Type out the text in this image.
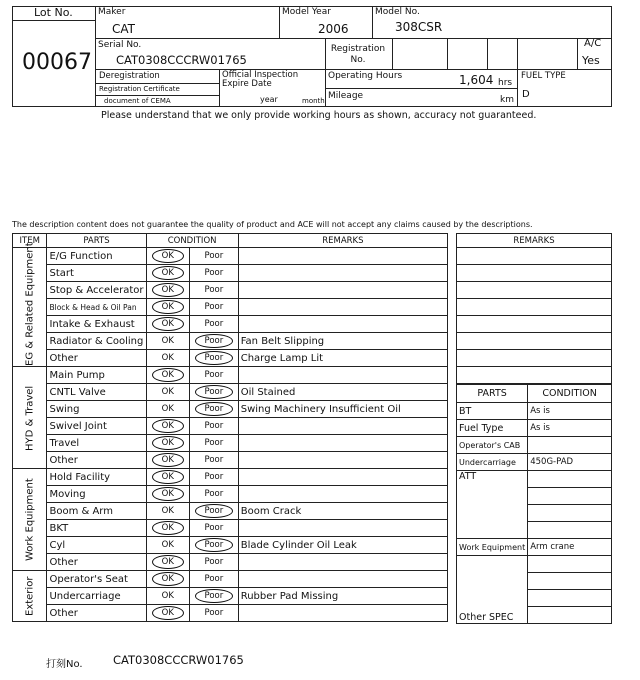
Lot No.
00067
Maker
CAT
Model Year
2006
Model No.
308CSR
Serial No.
CAT0308CCCRW01765
Registration No.
A/C
Yes
Deregistration
Registration Certificate
document of CEMA
Official Inspection Expire Date
year	month
Operating Hours	1,604 hrs
Mileage	km
FUEL TYPE
D
Please understand that we only provide working hours as shown, accuracy not guaranteed.
The description content does not guarantee the quality of product and ACE will not accept any claims caused by the descriptions.
ITEM	PARTS	CONDITION		REMARKS
EG & Related Equipment	E/G Function	OK	Poor	
	Start	OK	Poor	
	Stop & Accelerator	OK	Poor	
	Block & Head & Oil Pan	OK	Poor	
	Intake & Exhaust	OK	Poor	
	Radiator & Cooling	OK	Poor	Fan Belt Slipping
	Other	OK	Poor	Charge Lamp Lit
HYD & Travel	Main Pump	OK	Poor	
	CNTL Valve	OK	Poor	Oil Stained
	Swing	OK	Poor	Swing Machinery Insufficient Oil
	Swivel Joint	OK	Poor	
	Travel	OK	Poor	
	Other	OK	Poor	
Work Equipment	Hold Facility	OK	Poor	
	Moving	OK	Poor	
	Boom & Arm	OK	Poor	Boom Crack
	BKT	OK	Poor	
	Cyl	OK	Poor	Blade Cylinder Oil Leak
	Other	OK	Poor	
Exterior	Operator's Seat	OK	Poor	
	Undercarriage	OK	Poor	Rubber Pad Missing
	Other	OK	Poor	
REMARKS

PARTS	CONDITION
BT	As is
Fuel Type	As is
Operator's CAB	
Undercarriage	450G-PAD
ATT	

Work Equipment	Arm crane
Other SPEC	
打刻No.	CAT0308CCCRW01765
